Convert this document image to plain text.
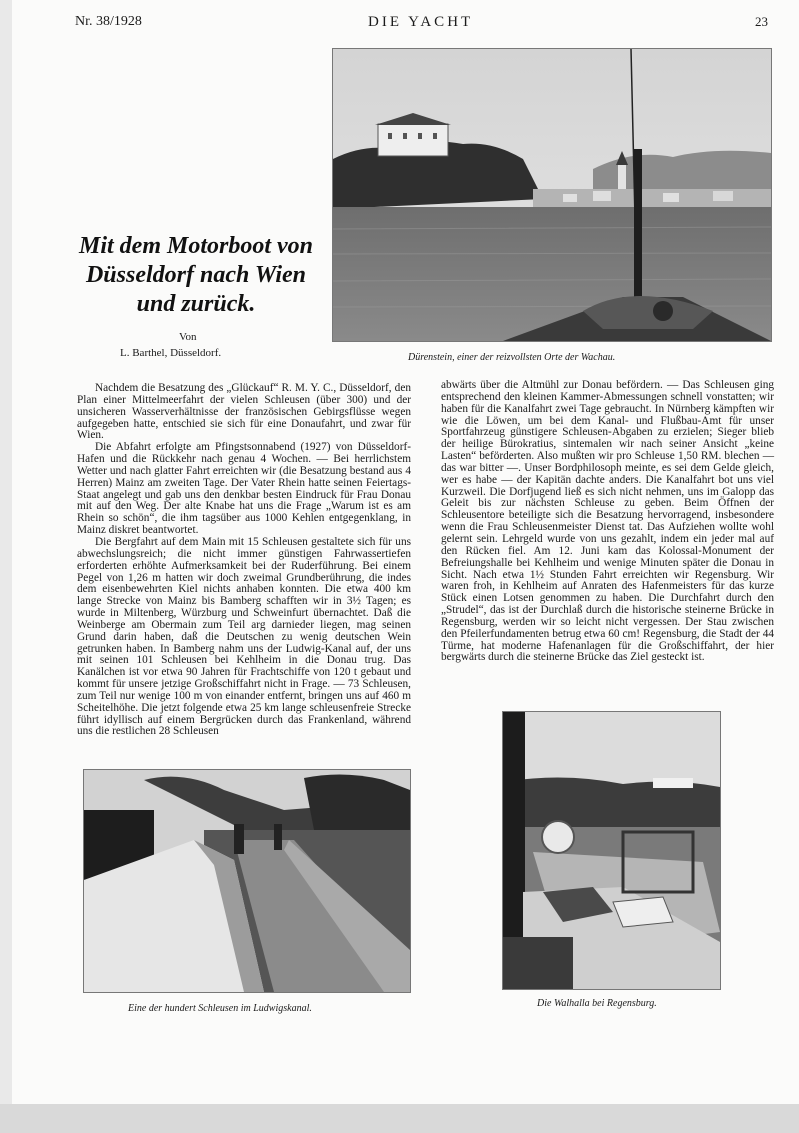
Nr. 38/1928	DIE YACHT	23
Dürenstein, einer der reizvollsten Orte der Wachau.
Mit dem Motorboot von
Düsseldorf nach Wien
und zurück.
Von
L. Barthel, Düsseldorf.

Nachdem die Besatzung des „Glückauf“ R. M. Y. C., Düsseldorf, den Plan einer Mittelmeerfahrt der vielen Schleusen (über 300) und der unsicheren Wasserverhältnisse der französischen Gebirgsflüsse wegen aufgegeben hatte, entschied sie sich für eine Donaufahrt, und zwar für Wien.

Die Abfahrt erfolgte am Pfingstsonnabend (1927) von Düsseldorf-Hafen und die Rückkehr nach genau 4 Wochen. — Bei herrlichstem Wetter und nach glatter Fahrt erreichten wir (die Besatzung bestand aus 4 Herren) Mainz am zweiten Tage. Der Vater Rhein hatte seinen Feiertags-Staat angelegt und gab uns den denkbar besten Eindruck für Frau Donau mit auf den Weg. Der alte Knabe hat uns die Frage „Warum ist es am Rhein so schön“, die ihm tagsüber aus 1000 Kehlen entgegenklang, in Mainz diskret beantwortet.

Die Bergfahrt auf dem Main mit 15 Schleusen gestaltete sich für uns abwechslungsreich; die nicht immer günstigen Fahrwassertiefen erforderten erhöhte Aufmerksamkeit bei der Ruderführung. Bei einem Pegel von 1,26 m hatten wir doch zweimal Grundberührung, die indes dem eisenbewehrten Kiel nichts anhaben konnten. Die etwa 400 km lange Strecke von Mainz bis Bamberg schafften wir in 3½ Tagen; es wurde in Miltenberg, Würzburg und Schweinfurt übernachtet. Daß die Weinberge am Obermain zum Teil arg darnieder liegen, mag seinen Grund darin haben, daß die Deutschen zu wenig deutschen Wein getrunken haben. In Bamberg nahm uns der Ludwig-Kanal auf, der uns mit seinen 101 Schleusen bei Kehlheim in die Donau trug. Das Kanälchen ist vor etwa 90 Jahren für Frachtschiffe von 120 t gebaut und kommt für unsere jetzige Großschiffahrt nicht in Frage. — 73 Schleusen, zum Teil nur wenige 100 m von einander entfernt, bringen uns auf 460 m Scheitelhöhe. Die jetzt folgende etwa 25 km lange schleusenfreie Strecke führt idyllisch auf einem Bergrücken durch das Frankenland, während uns die restlichen 28 Schleusen

abwärts über die Altmühl zur Donau befördern. — Das Schleusen ging entsprechend den kleinen Kammer-Abmessungen schnell vonstatten; wir haben für die Kanalfahrt zwei Tage gebraucht. In Nürnberg kämpften wir wie die Löwen, um bei dem Kanal- und Flußbau-Amt für unser Sportfahrzeug günstigere Schleusen-Abgaben zu erzielen; Sieger blieb der heilige Bürokratius, sintemalen wir nach seiner Ansicht „keine Lasten“ beförderten. Also mußten wir pro Schleuse 1,50 RM. blechen — das war bitter —. Unser Bordphilosoph meinte, es sei dem Gelde gleich, wer es habe — der Kapitän dachte anders. Die Kanalfahrt bot uns viel Kurzweil. Die Dorfjugend ließ es sich nicht nehmen, uns im Galopp das Geleit bis zur nächsten Schleuse zu geben. Beim Öffnen der Schleusentore beteiligte sich die Besatzung hervorragend, insbesondere wenn die Frau Schleusenmeister Dienst tat. Das Aufziehen wollte wohl gelernt sein. Lehrgeld wurde von uns gezahlt, indem ein jeder mal auf den Rücken fiel. Am 12. Juni kam das Kolossal-Monument der Befreiungshalle bei Kehlheim und wenige Minuten später die Donau in Sicht. Nach etwa 1½ Stunden Fahrt erreichten wir Regensburg. Wir waren froh, in Kehlheim auf Anraten des Hafenmeisters für das kurze Stück einen Lotsen genommen zu haben. Die Durchfahrt durch den „Strudel“, das ist der Durchlaß durch die historische steinerne Brücke in Regensburg, werden wir so leicht nicht vergessen. Der Stau zwischen den Pfeilerfundamenten betrug etwa 60 cm! Regensburg, die Stadt der 44 Türme, hat moderne Hafenanlagen für die Großschiffahrt, der hier bergwärts durch die steinerne Brücke das Ziel gesteckt ist.

Eine der hundert Schleusen im Ludwigskanal.	Die Walhalla bei Regensburg.
